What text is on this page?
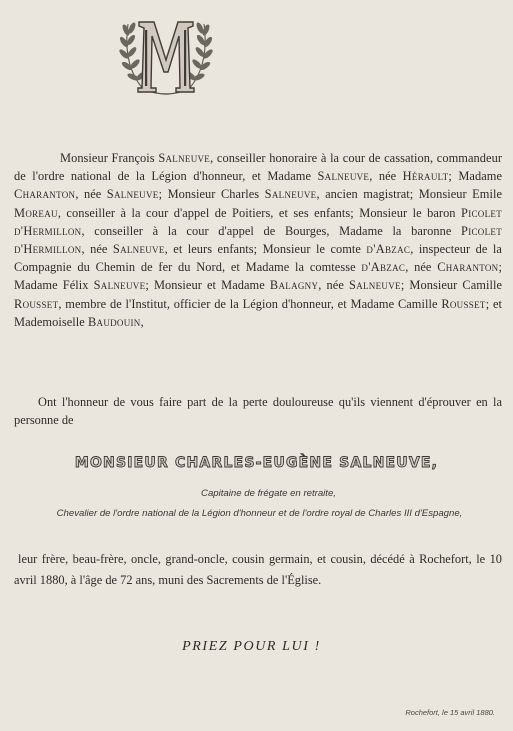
Monsieur François Salneuve, conseiller honoraire à la cour de cassation, commandeur de l'ordre national de la Légion d'honneur, et Madame Salneuve, née Hérault; Madame Charanton, née Salneuve; Monsieur Charles Salneuve, ancien magistrat; Monsieur Emile Moreau, conseiller à la cour d'appel de Poitiers, et ses enfants; Monsieur le baron Picolet d'Hermillon, conseiller à la cour d'appel de Bourges, Madame la baronne Picolet d'Hermillon, née Salneuve, et leurs enfants; Monsieur le comte d'Abzac, inspecteur de la Compagnie du Chemin de fer du Nord, et Madame la comtesse d'Abzac, née Charanton; Madame Félix Salneuve; Monsieur et Madame Balagny, née Salneuve; Monsieur Camille Rousset, membre de l'Institut, officier de la Légion d'honneur, et Madame Camille Rousset; et Mademoiselle Baudouin,

Ont l'honneur de vous faire part de la perte douloureuse qu'ils viennent d'éprouver en la personne de

MONSIEUR CHARLES-EUGÈNE SALNEUVE,

Capitaine de frégate en retraite,

Chevalier de l'ordre national de la Légion d'honneur et de l'ordre royal de Charles III d'Espagne,

leur frère, beau-frère, oncle, grand-oncle, cousin germain, et cousin, décédé à Rochefort, le 10 avril 1880, à l'âge de 72 ans, muni des Sacrements de l'Église.

PRIEZ POUR LUI !

Rochefort, le 15 avril 1880.
